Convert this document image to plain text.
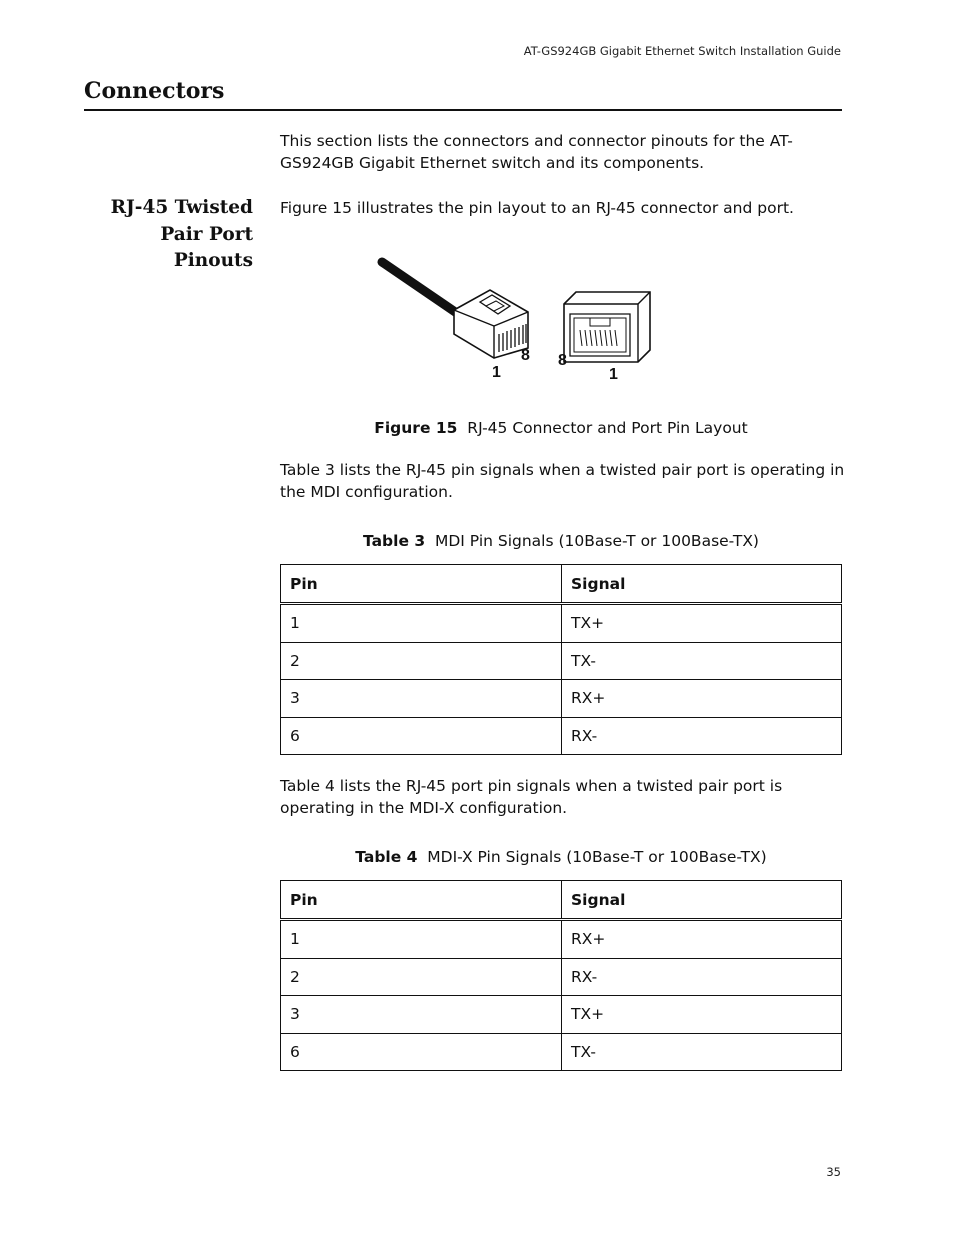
AT-GS924GB Gigabit Ethernet Switch Installation Guide
Connectors

This section lists the connectors and connector pinouts for the AT-GS924GB Gigabit Ethernet switch and its components.

RJ-45 Twisted
Pair Port
Pinouts

Figure 15 illustrates the pin layout to an RJ-45 connector and port.

1
8 8
1

Figure 15 RJ-45 Connector and Port Pin Layout

Table 3 lists the RJ-45 pin signals when a twisted pair port is operating in the MDI configuration.

Table 3 MDI Pin Signals (10Base-T or 100Base-TX)

Pin	Signal
1	TX+
2	TX-
3	RX+
6	RX-

Table 4 lists the RJ-45 port pin signals when a twisted pair port is operating in the MDI-X configuration.

Table 4 MDI-X Pin Signals (10Base-T or 100Base-TX)

Pin	Signal
1	RX+
2	RX-
3	TX+
6	TX-
35
